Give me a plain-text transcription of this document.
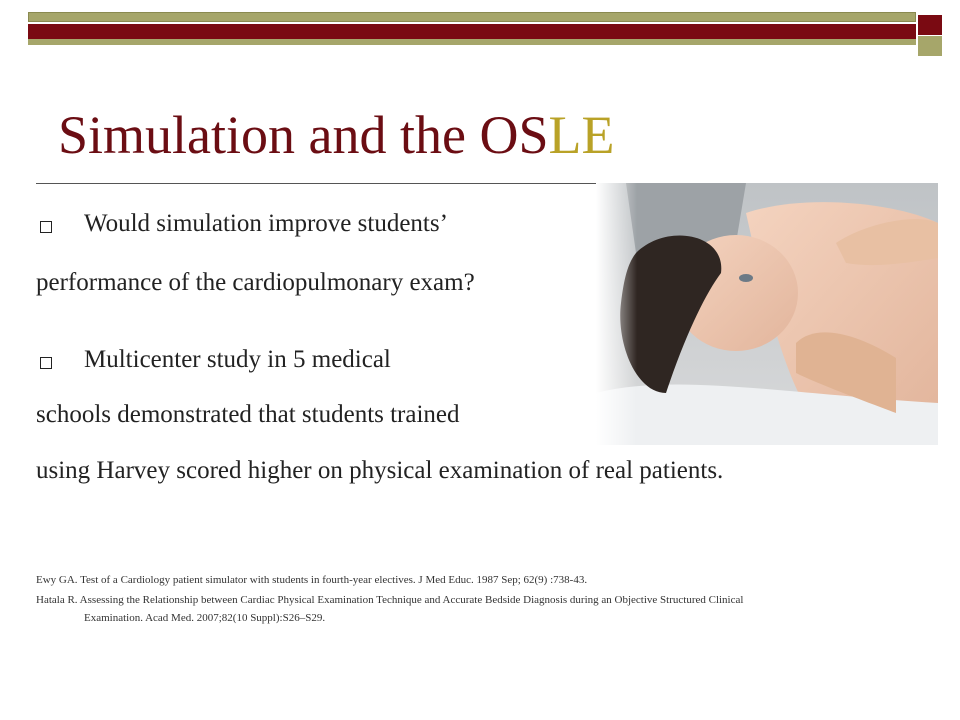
Simulation and the OSLE
Would simulation improve students’
performance of the cardiopulmonary exam?
Multicenter study in 5 medical
schools demonstrated that students trained
using Harvey scored higher on physical examination of real patients.
Ewy GA. Test of a Cardiology patient simulator with students in fourth-year electives. J Med Educ. 1987 Sep; 62(9) :738-43.
Hatala R. Assessing the Relationship between Cardiac Physical Examination Technique and Accurate Bedside Diagnosis during an Objective Structured Clinical
Examination. Acad Med. 2007;82(10 Suppl):S26–S29.
